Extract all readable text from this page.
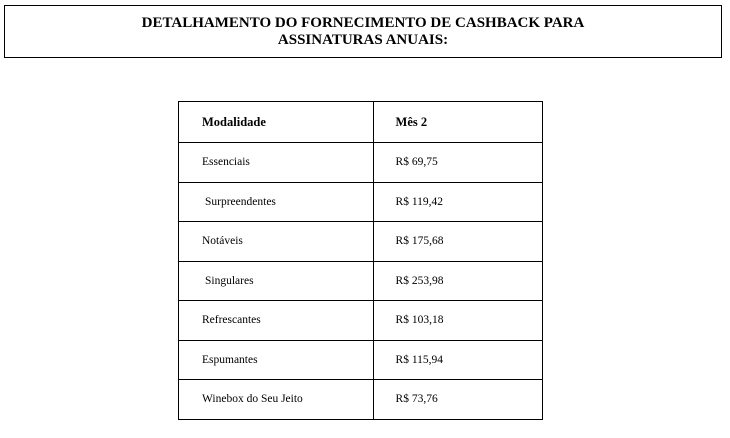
DETALHAMENTO DO FORNECIMENTO DE CASHBACK PARA
ASSINATURAS ANUAIS:
Modalidade	Mês 2
Essenciais	R$ 69,75
Surpreendentes	R$ 119,42
Notáveis	R$ 175,68
Singulares	R$ 253,98
Refrescantes	R$ 103,18
Espumantes	R$ 115,94
Winebox do Seu Jeito	R$ 73,76
